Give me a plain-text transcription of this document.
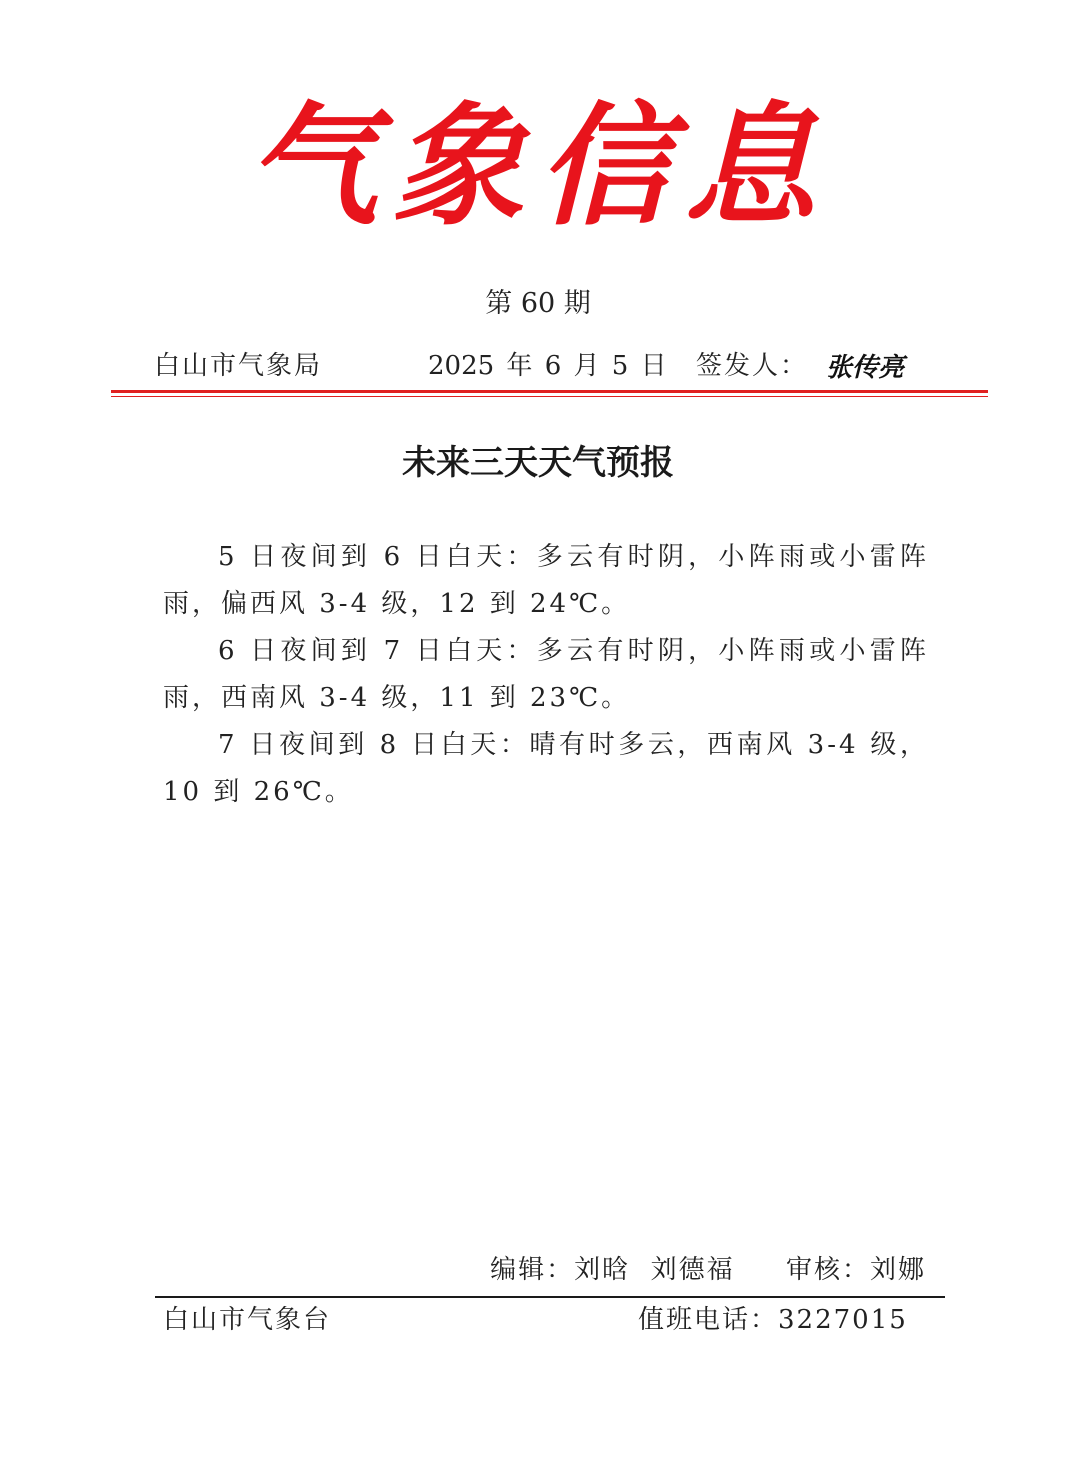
气象信息
第 60 期
白山市气象局	2025 年 6 月 5 日 签发人： 张传亮
未来三天天气预报

5 日夜间到 6 日白天：多云有时阴，小阵雨或小雷阵雨，偏西风 3-4 级，12 到 24℃。

6 日夜间到 7 日白天：多云有时阴，小阵雨或小雷阵雨，西南风 3-4 级，11 到 23℃。

7 日夜间到 8 日白天：晴有时多云，西南风 3-4 级，10 到 26℃。

编辑：刘晗  刘德福     审核：刘娜
白山市气象台	值班电话：3227015
